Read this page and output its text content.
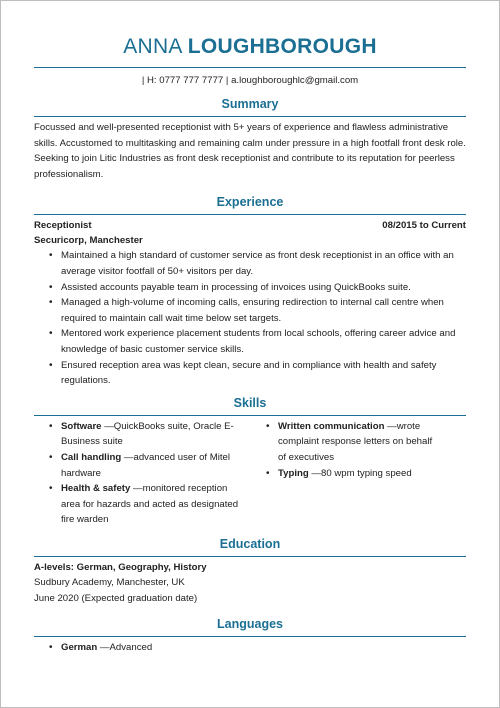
ANNA LOUGHBOROUGH
| H: 0777 777 7777 | a.loughboroughlc@gmail.com
Summary

Focussed and well-presented receptionist with 5+ years of experience and flawless administrative skills. Accustomed to multitasking and remaining calm under pressure in a high footfall front desk role. Seeking to join Litic Industries as front desk receptionist and contribute to its reputation for peerless professionalism.

Experience
Receptionist	08/2015 to Current
Securicorp, Manchester
• Maintained a high standard of customer service as front desk receptionist in an office with an average visitor footfall of 50+ visitors per day.
• Assisted accounts payable team in processing of invoices using QuickBooks suite.
• Managed a high-volume of incoming calls, ensuring redirection to internal call centre when required to maintain call wait time below set targets.
• Mentored work experience placement students from local schools, offering career advice and knowledge of basic customer service skills.
• Ensured reception area was kept clean, secure and in compliance with health and safety regulations.
Skills
• Software —QuickBooks suite, Oracle E-Business suite
• Call handling —advanced user of Mitel hardware
• Health & safety —monitored reception area for hazards and acted as designated fire warden
• Written communication —wrote complaint response letters on behalf of executives
• Typing —80 wpm typing speed
Education
A-levels: German, Geography, History
Sudbury Academy, Manchester, UK
June 2020 (Expected graduation date)
Languages
• German —Advanced
